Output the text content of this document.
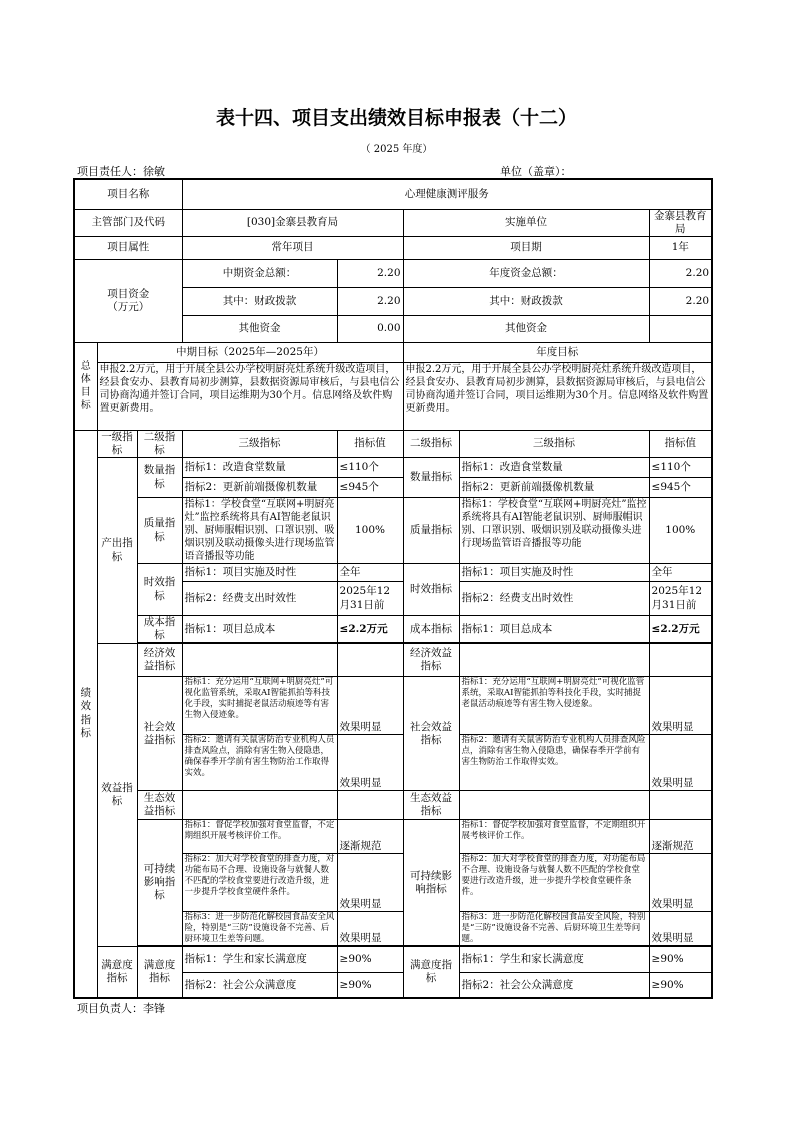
表十四、项目支出绩效目标申报表（十二）
（ 2025 年度）
项目责任人：徐敏	单位（盖章）：
项目名称			心理健康测评服务				
主管部门及代码			[030]金寨县教育局		实施单位		金寨县教育局
项目属性			常年项目		项目期		1年
项目资金
（万元）			中期资金总额：	2.20	年度资金总额：		2.20
			其中：财政拨款	2.20	其中：财政拨款		2.20
			其他资金	0.00	其他资金		
总体目标	中期目标（2025年—2025年）				年度目标		
	申报2.2万元，用于开展全县公办学校明厨亮灶系统升级改造项目，经县食安办、县教育局初步测算，县数据资源局审核后，与县电信公司协商沟通并签订合同，项目运维期为30个月。信息网络及软件购置更新费用。				申报2.2万元，用于开展全县公办学校明厨亮灶系统升级改造项目，经县食安办、县教育局初步测算，县数据资源局审核后，与县电信公司协商沟通并签订合同，项目运维期为30个月。信息网络及软件购置更新费用。		
绩效指标	一级指标	二级指标	三级指标	指标值	二级指标	三级指标	指标值
	产出指标	数量指标	指标1：改造食堂数量	≤110个	数量指标	指标1：改造食堂数量	≤110个
			指标2：更新前端摄像机数量	≤945个		指标2：更新前端摄像机数量	≤945个
		质量指标	指标1：学校食堂“互联网+明厨亮灶”监控系统将具有AI智能老鼠识别、厨师服帽识别、口罩识别、吸烟识别及联动摄像头进行现场监管语音播报等功能	100%	质量指标	指标1：学校食堂“互联网+明厨亮灶”监控系统将具有AI智能老鼠识别、厨师服帽识别、口罩识别、吸烟识别及联动摄像头进行现场监管语音播报等功能	100%
		时效指标	指标1：项目实施及时性	全年	时效指标	指标1：项目实施及时性	全年
			指标2：经费支出时效性	2025年12月31日前		指标2：经费支出时效性	2025年12月31日前
		成本指标	指标1：项目总成本	≤2.2万元	成本指标	指标1：项目总成本	≤2.2万元

	效益指标	经济效益指标			经济效益指标		
		社会效益指标	指标1：充分运用“互联网+明厨亮灶”可视化监管系统，采取AI智能抓拍等科技化手段，实时捕捉老鼠活动痕迹等有害生物入侵迹象。	效果明显	社会效益指标	指标1：充分运用“互联网+明厨亮灶”可视化监管系统，采取AI智能抓拍等科技化手段，实时捕捉老鼠活动痕迹等有害生物入侵迹象。	效果明显
			指标2：邀请有关鼠害防治专业机构人员排查风险点，消除有害生物入侵隐患，确保春季开学前有害生物防治工作取得实效。	效果明显		指标2：邀请有关鼠害防治专业机构人员排查风险点，消除有害生物入侵隐患，确保春季开学前有害生物防治工作取得实效。	效果明显
		生态效益指标			生态效益指标		
		可持续影响指标	指标1：督促学校加强对食堂监督，不定期组织开展考核评价工作。	逐渐规范	可持续影响指标	指标1：督促学校加强对食堂监督，不定期组织开展考核评价工作。	逐渐规范
			指标2：加大对学校食堂的排查力度，对功能布局不合理、设施设备与就餐人数不匹配的学校食堂要进行改造升级，进一步提升学校食堂硬件条件。	效果明显		指标2：加大对学校食堂的排查力度，对功能布局不合理、设施设备与就餐人数不匹配的学校食堂要进行改造升级，进一步提升学校食堂硬件条件。	效果明显
			指标3：进一步防范化解校园食品安全风险，特别是“三防”设施设备不完善、后厨环境卫生差等问题。	效果明显		指标3：进一步防范化解校园食品安全风险，特别是“三防”设施设备不完善、后厨环境卫生差等问题。	效果明显

	满意度指标	满意度指标	指标1：学生和家长满意度	≥90%	满意度指标	指标1：学生和家长满意度	≥90%
			指标2：社会公众满意度	≥90%		指标2：社会公众满意度	≥90%
项目负责人：李锋
